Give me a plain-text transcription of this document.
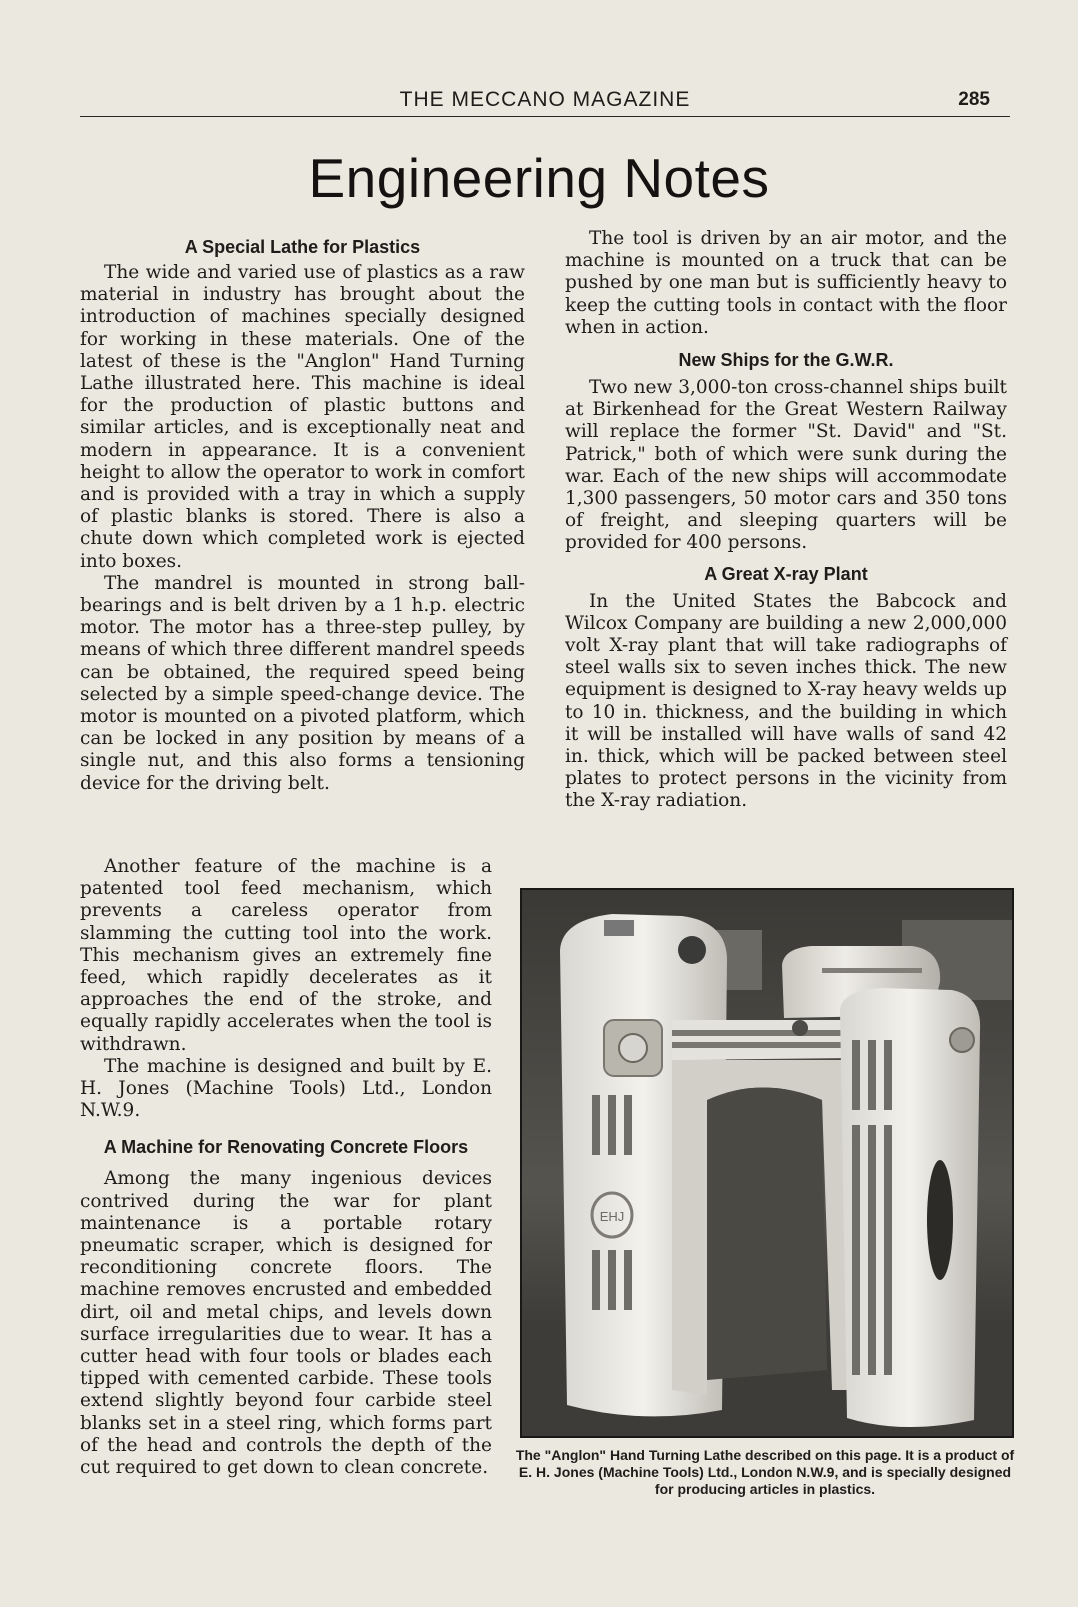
THE MECCANO MAGAZINE	285
Engineering Notes
A Special Lathe for Plastics

The wide and varied use of plastics as a raw material in industry has brought about the introduction of machines specially designed for working in these materials. One of the latest of these is the "Anglon" Hand Turning Lathe illustrated here. This machine is ideal for the production of plastic buttons and similar articles, and is exceptionally neat and modern in appearance. It is a convenient height to allow the operator to work in comfort and is provided with a tray in which a supply of plastic blanks is stored. There is also a chute down which completed work is ejected into boxes.

The mandrel is mounted in strong ball-bearings and is belt driven by a 1 h.p. electric motor. The motor has a three-step pulley, by means of which three different mandrel speeds can be obtained, the required speed being selected by a simple speed-change device. The motor is mounted on a pivoted platform, which can be locked in any position by means of a single nut, and this also forms a tensioning device for the driving belt.

Another feature of the machine is a patented tool feed mechanism, which prevents a careless operator from slamming the cutting tool into the work. This mechanism gives an extremely fine feed, which rapidly decelerates as it approaches the end of the stroke, and equally rapidly accelerates when the tool is withdrawn.

The machine is designed and built by E. H. Jones (Machine Tools) Ltd., London N.W.9.

A Machine for Renovating Concrete Floors

Among the many ingenious devices contrived during the war for plant maintenance is a portable rotary pneumatic scraper, which is designed for reconditioning concrete floors. The machine removes encrusted and embedded dirt, oil and metal chips, and levels down surface irregularities due to wear. It has a cutter head with four tools or blades each tipped with cemented carbide. These tools extend slightly beyond four carbide steel blanks set in a steel ring, which forms part of the head and controls the depth of the cut required to get down to clean concrete.

The tool is driven by an air motor, and the machine is mounted on a truck that can be pushed by one man but is sufficiently heavy to keep the cutting tools in contact with the floor when in action.

New Ships for the G.W.R.

Two new 3,000-ton cross-channel ships built at Birkenhead for the Great Western Railway will replace the former "St. David" and "St. Patrick," both of which were sunk during the war. Each of the new ships will accommodate 1,300 passengers, 50 motor cars and 350 tons of freight, and sleeping quarters will be provided for 400 persons.

A Great X-ray Plant

In the United States the Babcock and Wilcox Company are building a new 2,000,000 volt X-ray plant that will take radiographs of steel walls six to seven inches thick. The new equipment is designed to X-ray heavy welds up to 10 in. thickness, and the building in which it will be installed will have walls of sand 42 in. thick, which will be packed between steel plates to protect persons in the vicinity from the X-ray radiation.

EHJ
The "Anglon" Hand Turning Lathe described on this page. It is a product of E. H. Jones (Machine Tools) Ltd., London N.W.9, and is specially designed for producing articles in plastics.
